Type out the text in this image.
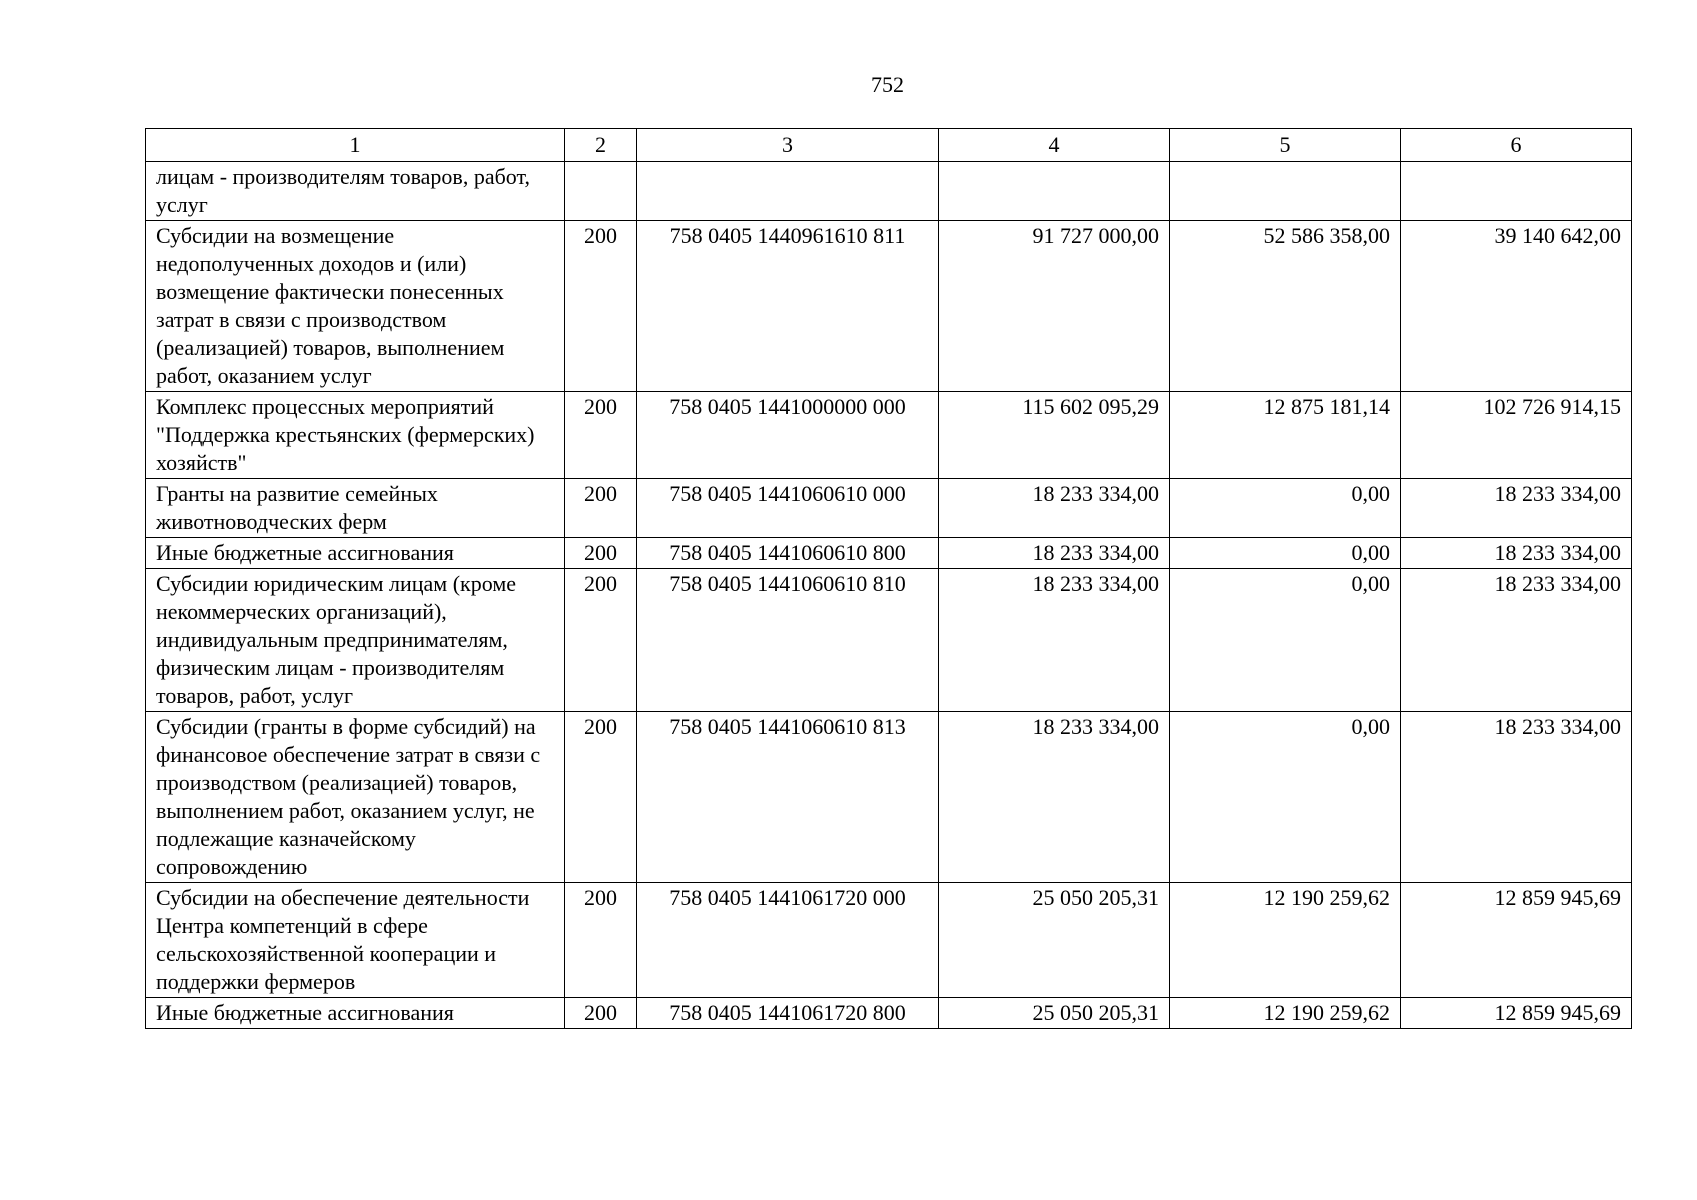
752
1	2	3	4	5	6
лицам - производителям товаров, работ, услуг					
Субсидии на возмещение недополученных доходов и (или) возмещение фактически понесенных затрат в связи с производством (реализацией) товаров, выполнением работ, оказанием услуг	200	758 0405 1440961610 811	91 727 000,00	52 586 358,00	39 140 642,00
Комплекс процессных мероприятий "Поддержка крестьянских (фермерских) хозяйств"	200	758 0405 1441000000 000	115 602 095,29	12 875 181,14	102 726 914,15
Гранты на развитие семейных животноводческих ферм	200	758 0405 1441060610 000	18 233 334,00	0,00	18 233 334,00
Иные бюджетные ассигнования	200	758 0405 1441060610 800	18 233 334,00	0,00	18 233 334,00
Субсидии юридическим лицам (кроме некоммерческих организаций), индивидуальным предпринимателям, физическим лицам - производителям товаров, работ, услуг	200	758 0405 1441060610 810	18 233 334,00	0,00	18 233 334,00
Субсидии (гранты в форме субсидий) на финансовое обеспечение затрат в связи с производством (реализацией) товаров, выполнением работ, оказанием услуг, не подлежащие казначейскому сопровождению	200	758 0405 1441060610 813	18 233 334,00	0,00	18 233 334,00
Субсидии на обеспечение деятельности Центра компетенций в сфере сельскохозяйственной кооперации и поддержки фермеров	200	758 0405 1441061720 000	25 050 205,31	12 190 259,62	12 859 945,69
Иные бюджетные ассигнования	200	758 0405 1441061720 800	25 050 205,31	12 190 259,62	12 859 945,69
